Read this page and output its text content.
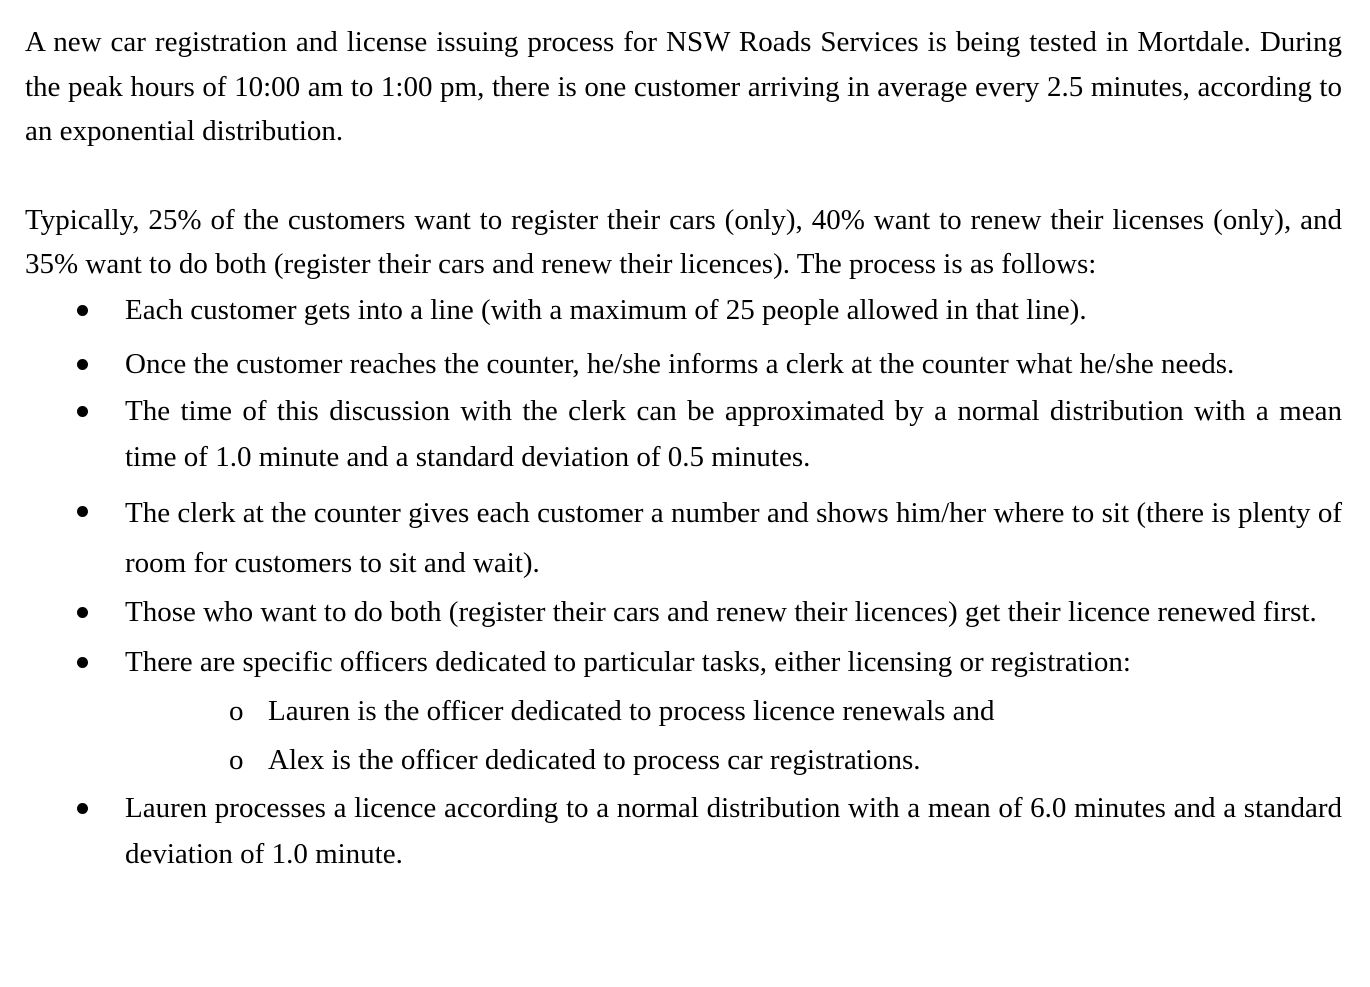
A new car registration and license issuing process for NSW Roads Services is being tested in Mortdale. During the peak hours of 10:00 am to 1:00 pm, there is one customer arriving in average every 2.5 minutes, according to an exponential distribution.

Typically, 25% of the customers want to register their cars (only), 40% want to renew their licenses (only), and 35% want to do both (register their cars and renew their licences). The process is as follows:

Each customer gets into a line (with a maximum of 25 people allowed in that line).
Once the customer reaches the counter, he/she informs a clerk at the counter what he/she needs.
The time of this discussion with the clerk can be approximated by a normal distribution with a mean time of 1.0 minute and a standard deviation of 0.5 minutes.
The clerk at the counter gives each customer a number and shows him/her where to sit (there is plenty of room for customers to sit and wait).
Those who want to do both (register their cars and renew their licences) get their licence renewed first.
There are specific officers dedicated to particular tasks, either licensing or registration:
o Lauren is the officer dedicated to process licence renewals and
o Alex is the officer dedicated to process car registrations.
Lauren processes a licence according to a normal distribution with a mean of 6.0 minutes and a standard deviation of 1.0 minute.
